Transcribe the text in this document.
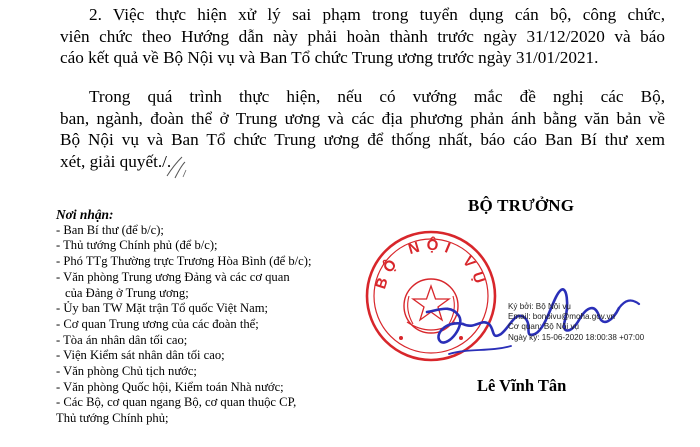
2. Việc thực hiện xử lý sai phạm trong tuyển dụng cán bộ, công chức,
viên chức theo Hướng dẫn này phải hoàn thành trước ngày 31/12/2020 và báo
cáo kết quả về Bộ Nội vụ và Ban Tổ chức Trung ương trước ngày 31/01/2021.
Trong quá trình thực hiện, nếu có vướng mắc đề nghị các Bộ,
ban, ngành, đoàn thể ở Trung ương và các địa phương phản ánh bằng văn bản về
Bộ Nội vụ và Ban Tổ chức Trung ương để thống nhất, báo cáo Ban Bí thư xem
xét, giải quyết./.
Nơi nhận:
- Ban Bí thư (để b/c);
- Thủ tướng Chính phủ (để b/c);
- Phó TTg Thường trực Trương Hòa Bình (để b/c);
- Văn phòng Trung ương Đảng và các cơ quan
của Đảng ở Trung ương;
- Ủy ban TW Mặt trận Tổ quốc Việt Nam;
- Cơ quan Trung ương của các đoàn thể;
- Tòa án nhân dân tối cao;
- Viện Kiểm sát nhân dân tối cao;
- Văn phòng Chủ tịch nước;
- Văn phòng Quốc hội, Kiểm toán Nhà nước;
- Các Bộ, cơ quan ngang Bộ, cơ quan thuộc CP,
Thủ tướng Chính phủ;
BỘ TRƯỞNG
BỘ NỘI VỤ
Ký bởi: Bộ Nội vụ
Email: bonoivu@moha.gov.vn
Cơ quan: Bộ Nội vụ
Ngày ký: 15-06-2020 18:00:38 +07:00
Lê Vĩnh Tân
